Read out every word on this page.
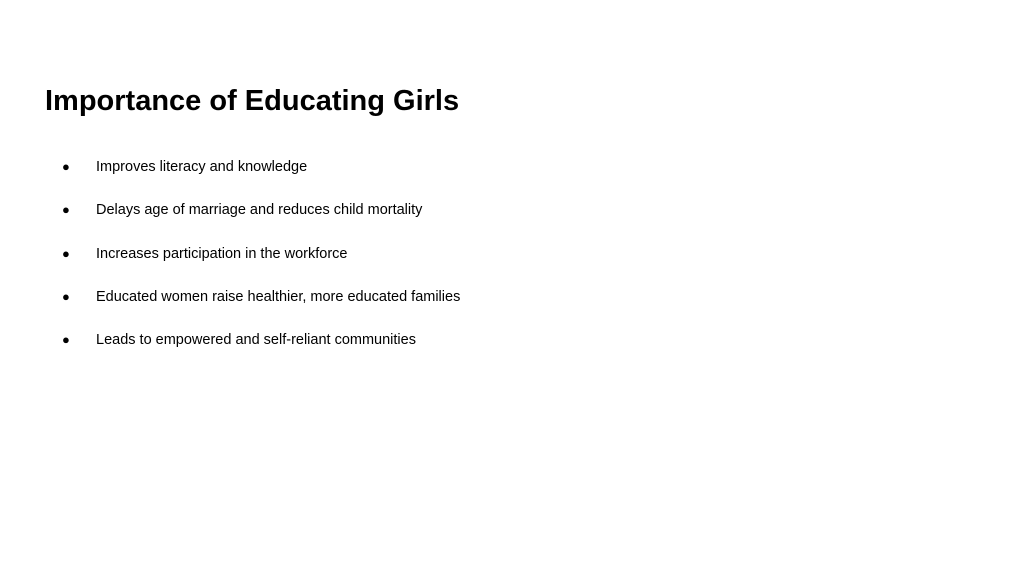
Importance of Educating Girls
● Improves literacy and knowledge
● Delays age of marriage and reduces child mortality
● Increases participation in the workforce
● Educated women raise healthier, more educated families
● Leads to empowered and self-reliant communities
